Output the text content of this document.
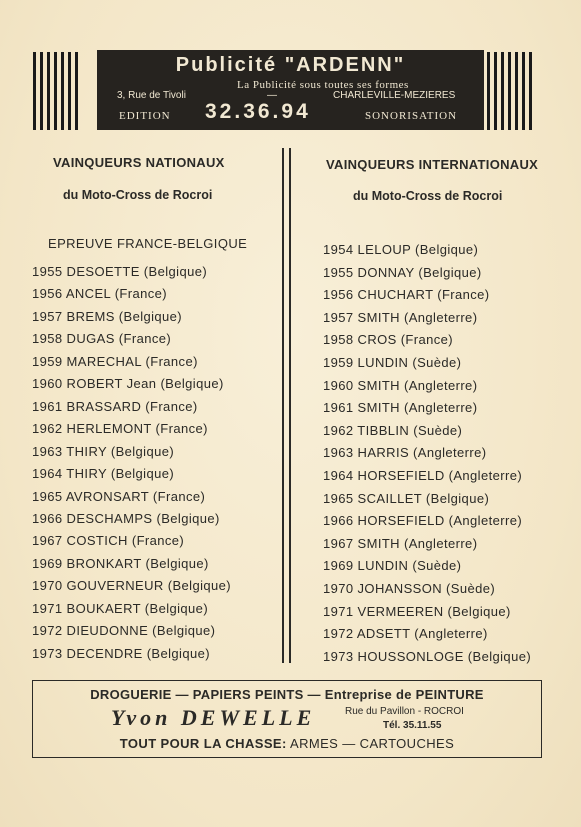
Publicité "ARDENN"
La Publicité sous toutes ses formes
3, Rue de Tivoli	—	CHARLEVILLE-MEZIERES
EDITION 32.36.94	SONORISATION
VAINQUEURS NATIONAUX
du Moto-Cross de Rocroi
EPREUVE FRANCE-BELGIQUE
1955 DESOETTE (Belgique)
1956 ANCEL (France)
1957 BREMS (Belgique)
1958 DUGAS (France)
1959 MARECHAL (France)
1960 ROBERT Jean (Belgique)
1961 BRASSARD (France)
1962 HERLEMONT (France)
1963 THIRY (Belgique)
1964 THIRY (Belgique)
1965 AVRONSART (France)
1966 DESCHAMPS (Belgique)
1967 COSTICH (France)
1969 BRONKART (Belgique)
1970 GOUVERNEUR (Belgique)
1971 BOUKAERT (Belgique)
1972 DIEUDONNE (Belgique)
1973 DECENDRE (Belgique)
VAINQUEURS INTERNATIONAUX
du Moto-Cross de Rocroi
1954 LELOUP (Belgique)
1955 DONNAY (Belgique)
1956 CHUCHART (France)
1957 SMITH (Angleterre)
1958 CROS (France)
1959 LUNDIN (Suède)
1960 SMITH (Angleterre)
1961 SMITH (Angleterre)
1962 TIBBLIN (Suède)
1963 HARRIS (Angleterre)
1964 HORSEFIELD (Angleterre)
1965 SCAILLET (Belgique)
1966 HORSEFIELD (Angleterre)
1967 SMITH (Angleterre)
1969 LUNDIN (Suède)
1970 JOHANSSON (Suède)
1971 VERMEEREN (Belgique)
1972 ADSETT (Angleterre)
1973 HOUSSONLOGE (Belgique)
DROGUERIE — PAPIERS PEINTS — Entreprise de PEINTURE
Yvon DEWELLE	Rue du Pavillon - ROCROI
Tél. 35.11.55
TOUT POUR LA CHASSE: ARMES — CARTOUCHES
